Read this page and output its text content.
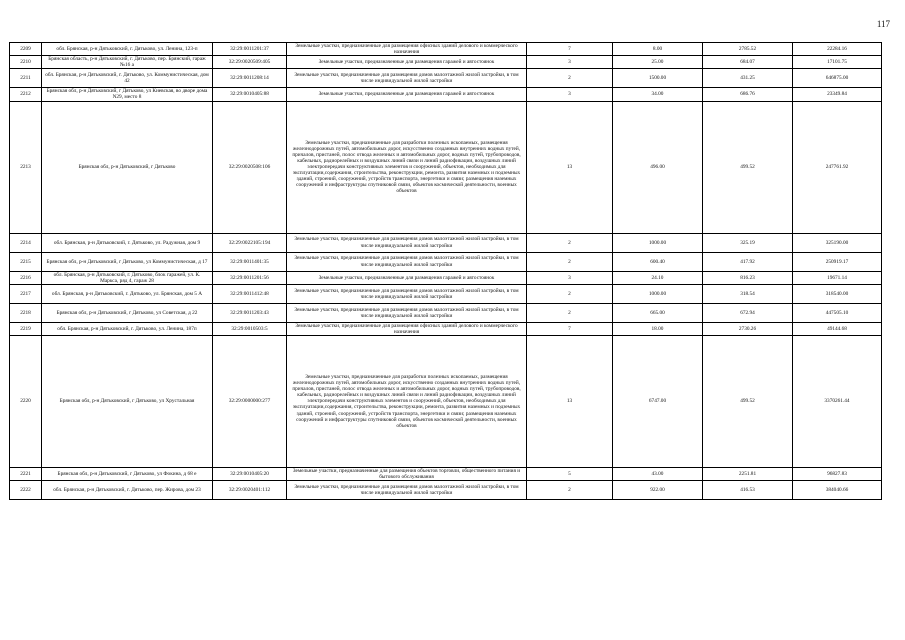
117
2209	обл. Брянская, р-н Дятьковский, г. Дятьково, ул. Ленина, 123-п	32:29:0011201:37	Земельные участки, предназначенные для размещения офисных зданий делового и коммерческого назначения	7	8.00	2785.52	22284.16
2210	Брянская область, р-н Дятьковский, г. Дятьково, пер. Брянский, гараж №16 а	32:29:0020509:405	Земельные участки, предназначенные для размещения гаражей и автостоянок	3	25.00	684.07	17101.75
2211	обл. Брянская, р-н Дятьковский, г. Дятьково, ул. Коммунистическая, дом 42	32:29:0011208:14	Земельные участки, предназначенные для размещения домов малоэтажной жилой застройки, в том числе индивидуальной жилой застройки	2	1500.00	431.25	646875.00
2212	Брянская обл, р-н Дятьковский, г Дятьково, ул Киевская, во дворе дома N29, место 8	32:29:0010405:88	Земельные участки, предназначенные для размещения гаражей и автостоянок	3	34.00	686.76	23349.84
2213	Брянская обл, р-н Дятьковский, г Дятьково	32:29:0020508:106	Земельные участки, предназначенные для разработки полезных ископаемых, размещения железнодорожных путей, автомобильных дорог, искусственно созданных внутренних водных путей, причалов, пристаней, полос отвода железных и автомобильных дорог, водных путей, трубопроводов, кабельных, радиорелейных и воздушных линий связи и линий радиофикации, воздушных линий электропередачи конструктивных элементов и сооружений, объектов, необходимых для эксплуатации,содержания, строительства, реконструкции, ремонта, развития наземных и подземных зданий, строений, сооружений, устройств транспорта, энергетики и связи; размещения наземных сооружений и инфраструктуры спутниковой связи, объектов космической деятельности, военных объектов	13	496.00	499.52	247761.92
2214	обл. Брянская, р-н Дятьковский, г. Дятьково, ул. Радужная, дом 9	32:29:0022105:194	Земельные участки, предназначенные для размещения домов малоэтажной жилой застройки, в том числе индивидуальной жилой застройки	2	1000.00	325.19	325190.00
2215	Брянская обл, р-н Дятьковский, г Дятьково, ул Коммунистическая, д 17	32:29:0011401:35	Земельные участки, предназначенные для размещения домов малоэтажной жилой застройки, в том числе индивидуальной жилой застройки	2	600.40	417.92	250919.17
2216	обл. Брянская, р-н Дятьковский, г. Дятьково, блок гаражей, ул. К. Маркса, ряд 4, гараж 28	32:29:0011201:56	Земельные участки, предназначенные для размещения гаражей и автостоянок	3	24.10	816.23	19671.14
2217	обл. Брянская, р-н Дятьковский, г. Дятьково, ул. Брянская, дом 5 А	32:29:0011412:48	Земельные участки, предназначенные для размещения домов малоэтажной жилой застройки, в том числе индивидуальной жилой застройки	2	1000.00	318.54	318540.00
2218	Брянская обл, р-н Дятьковский, г Дятьково, ул Советская, д 22	32:29:0011203:43	Земельные участки, предназначенные для размещения домов малоэтажной жилой застройки, в том числе индивидуальной жилой застройки	2	665.00	672.94	447505.10
2219	обл. Брянская, р-н Дятьковский, г. Дятьково, ул. Ленина, 187п	32:29:0010503:5	Земельные участки, предназначенные для размещения офисных зданий делового и коммерческого назначения	7	18.00	2730.26	49144.68
2220	Брянская обл, р-н Дятьковский, г Дятьково, ул Хрустальная	32:29:0000000:277	Земельные участки, предназначенные для разработки полезных ископаемых, размещения железнодорожных путей, автомобильных дорог, искусственно созданных внутренних водных путей, причалов, пристаней, полос отвода железных и автомобильных дорог, водных путей, трубопроводов, кабельных, радиорелейных и воздушных линий связи и линий радиофикации, воздушных линий электропередачи конструктивных элементов и сооружений, объектов, необходимых для эксплуатации,содержания, строительства, реконструкции, ремонта, развития наземных и подземных зданий, строений, сооружений, устройств транспорта, энергетики и связи; размещения наземных сооружений и инфраструктуры спутниковой связи, объектов космической деятельности, военных объектов	13	6747.00	499.52	3370261.44
2221	Брянская обл, р-н Дятьковский, г Дятьково, ул Фокина, д 68 е	32:29:0010405:20	Земельные участки, предназначенные для размещения объектов торговли, общественного питания и бытового обслуживания	5	43.00	2251.81	96827.83
2222	обл. Брянская, р-н Дятьковский, г. Дятьково, пер. Жирова, дом 23	32:29:0020401:112	Земельные участки, предназначенные для размещения домов малоэтажной жилой застройки, в том числе индивидуальной жилой застройки	2	922.00	416.53	384040.66
